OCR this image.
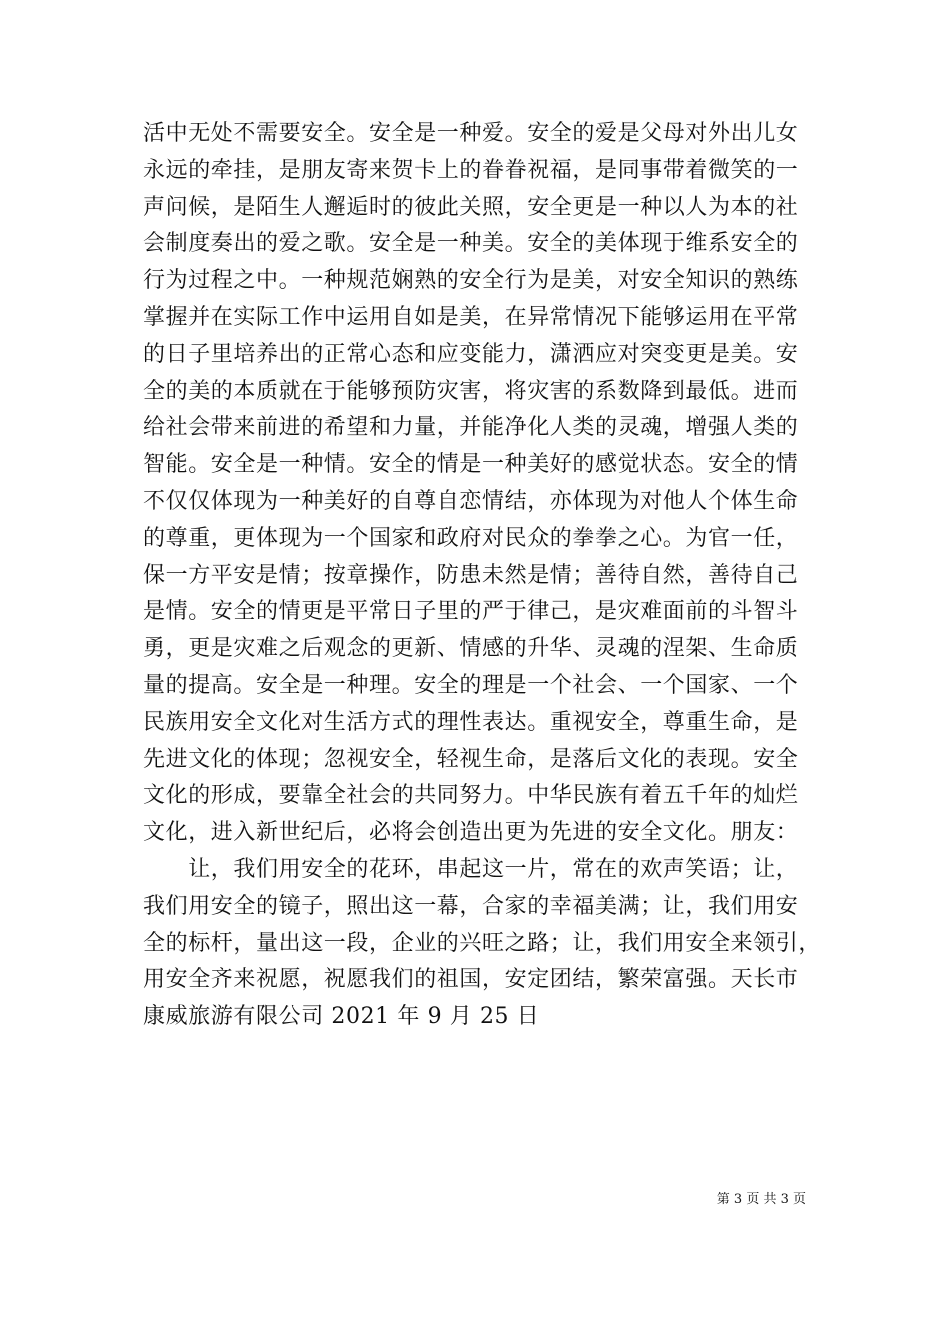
活中无处不需要安全。安全是一种爱。安全的爱是父母对外出儿女
永远的牵挂，是朋友寄来贺卡上的眷眷祝福，是同事带着微笑的一
声问候，是陌生人邂逅时的彼此关照，安全更是一种以人为本的社
会制度奏出的爱之歌。安全是一种美。安全的美体现于维系安全的
行为过程之中。一种规范娴熟的安全行为是美，对安全知识的熟练
掌握并在实际工作中运用自如是美，在异常情况下能够运用在平常
的日子里培养出的正常心态和应变能力，潇洒应对突变更是美。安
全的美的本质就在于能够预防灾害，将灾害的系数降到最低。进而
给社会带来前进的希望和力量，并能净化人类的灵魂，增强人类的
智能。安全是一种情。安全的情是一种美好的感觉状态。安全的情
不仅仅体现为一种美好的自尊自恋情结，亦体现为对他人个体生命
的尊重，更体现为一个国家和政府对民众的拳拳之心。为官一任，
保一方平安是情；按章操作，防患未然是情；善待自然，善待自己
是情。安全的情更是平常日子里的严于律己，是灾难面前的斗智斗
勇，更是灾难之后观念的更新、情感的升华、灵魂的涅架、生命质
量的提高。安全是一种理。安全的理是一个社会、一个国家、一个
民族用安全文化对生活方式的理性表达。重视安全，尊重生命，是
先进文化的体现；忽视安全，轻视生命，是落后文化的表现。安全
文化的形成，要靠全社会的共同努力。中华民族有着五千年的灿烂
文化，进入新世纪后，必将会创造出更为先进的安全文化。朋友：
　　让，我们用安全的花环，串起这一片，常在的欢声笑语；让，
我们用安全的镜子，照出这一幕，合家的幸福美满；让，我们用安
全的标杆，量出这一段，企业的兴旺之路；让，我们用安全来领引，
用安全齐来祝愿，祝愿我们的祖国，安定团结，繁荣富强。天长市
康威旅游有限公司 2021 年 9 月 25 日
第 3 页 共 3 页
